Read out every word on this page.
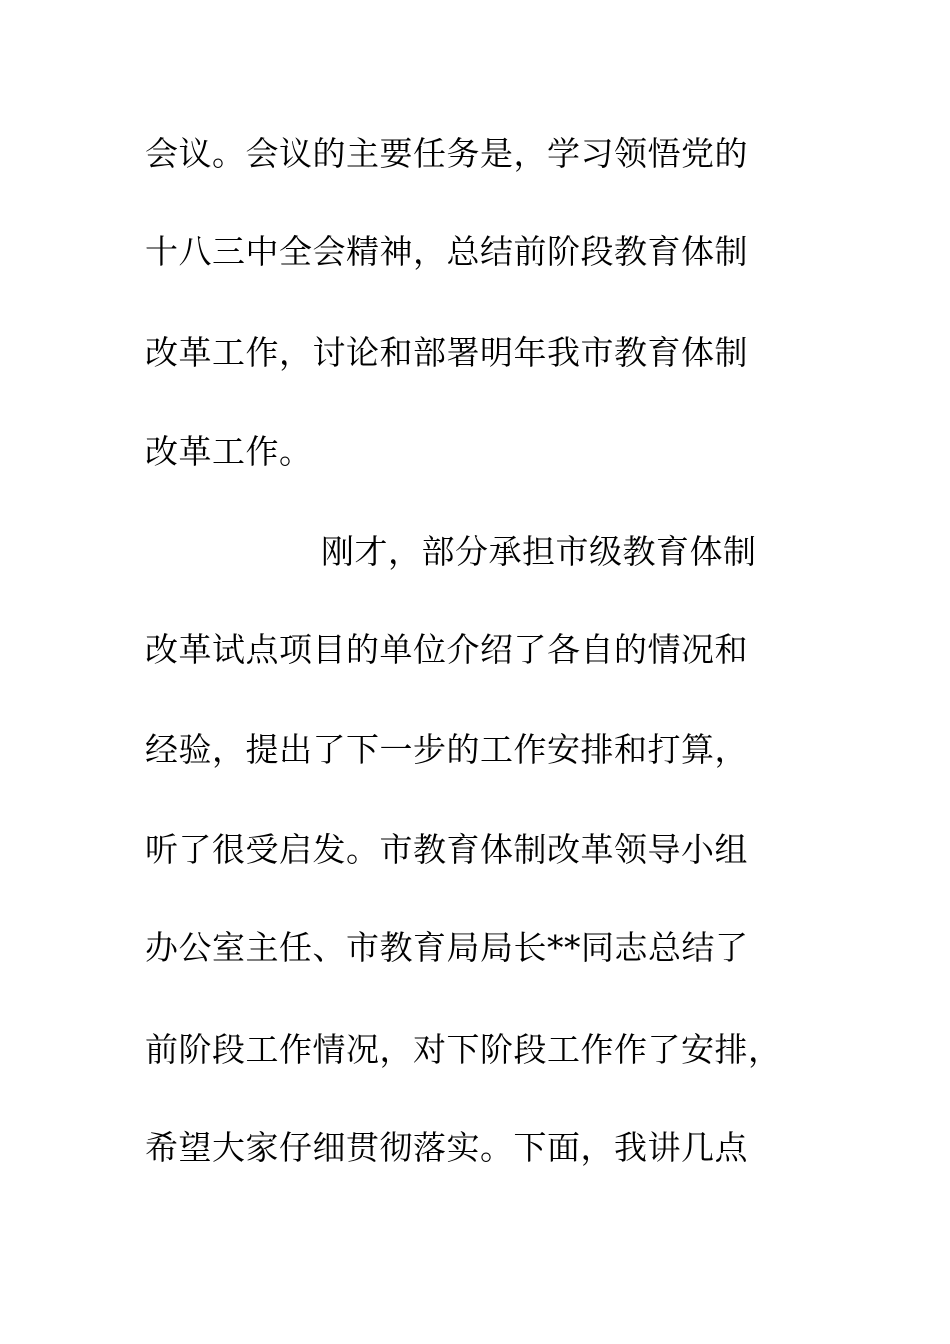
会议。会议的主要任务是，学习领悟党的
十八三中全会精神，总结前阶段教育体制
改革工作，讨论和部署明年我市教育体制
改革工作。
刚才，部分承担市级教育体制
改革试点项目的单位介绍了各自的情况和
经验，提出了下一步的工作安排和打算，
听了很受启发。市教育体制改革领导小组
办公室主任、市教育局局长**同志总结了
前阶段工作情况，对下阶段工作作了安排，
希望大家仔细贯彻落实。下面，我讲几点
